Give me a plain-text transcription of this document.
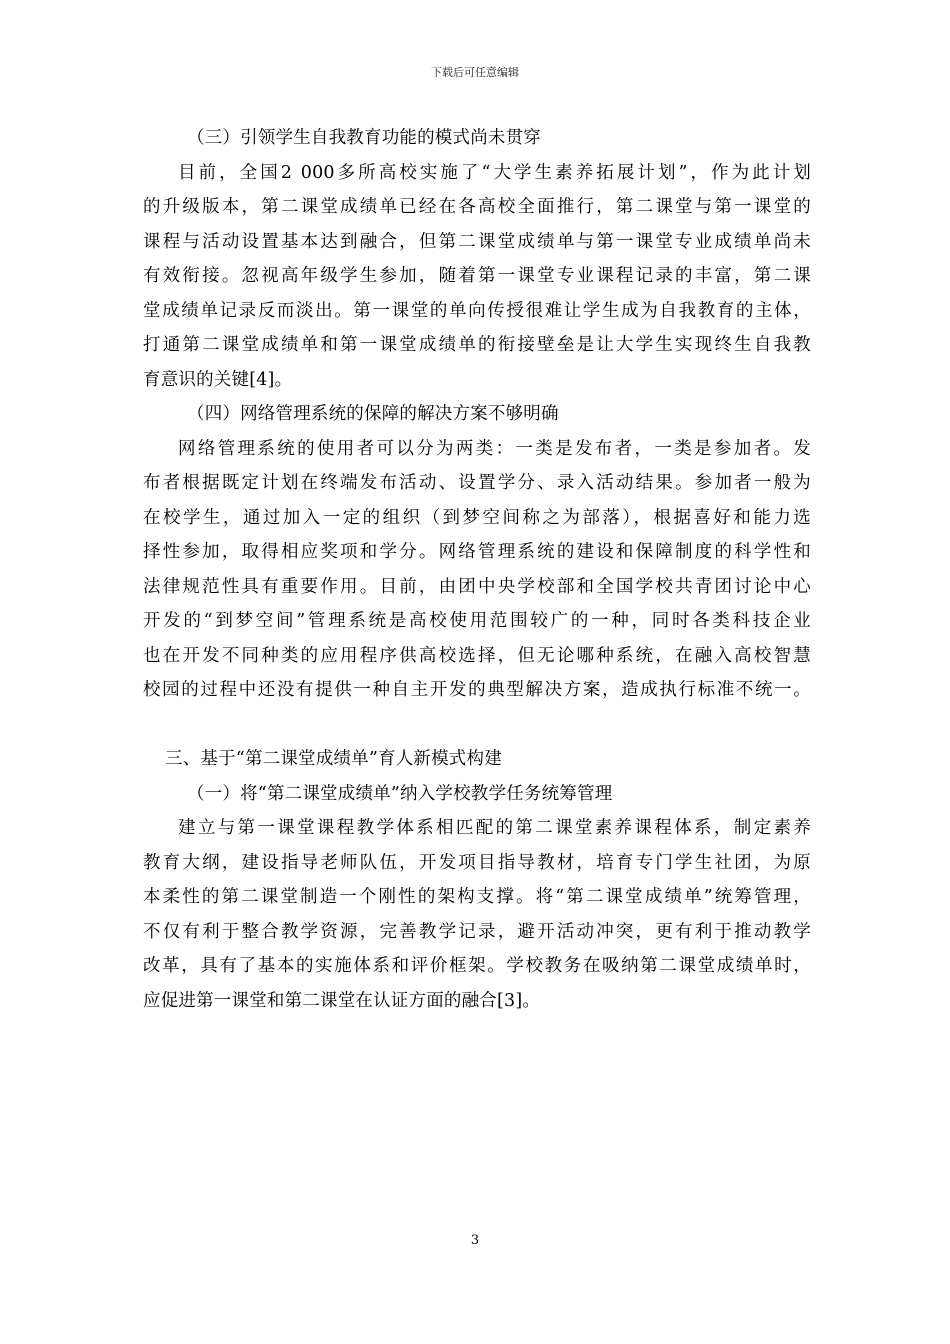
下载后可任意编辑
（三）引领学生自我教育功能的模式尚未贯穿
目前，全国2 000多所高校实施了“大学生素养拓展计划”，作为此计划
的升级版本，第二课堂成绩单已经在各高校全面推行，第二课堂与第一课堂的
课程与活动设置基本达到融合，但第二课堂成绩单与第一课堂专业成绩单尚未
有效衔接。忽视高年级学生参加，随着第一课堂专业课程记录的丰富，第二课
堂成绩单记录反而淡出。第一课堂的单向传授很难让学生成为自我教育的主体，
打通第二课堂成绩单和第一课堂成绩单的衔接壁垒是让大学生实现终生自我教
育意识的关键[4]。
（四）网络管理系统的保障的解决方案不够明确
网络管理系统的使用者可以分为两类：一类是发布者，一类是参加者。发
布者根据既定计划在终端发布活动、设置学分、录入活动结果。参加者一般为
在校学生，通过加入一定的组织（到梦空间称之为部落），根据喜好和能力选
择性参加，取得相应奖项和学分。网络管理系统的建设和保障制度的科学性和
法律规范性具有重要作用。目前，由团中央学校部和全国学校共青团讨论中心
开发的“到梦空间”管理系统是高校使用范围较广的一种，同时各类科技企业
也在开发不同种类的应用程序供高校选择，但无论哪种系统，在融入高校智慧
校园的过程中还没有提供一种自主开发的典型解决方案，造成执行标准不统一。
三、基于“第二课堂成绩单”育人新模式构建
（一）将“第二课堂成绩单”纳入学校教学任务统筹管理
建立与第一课堂课程教学体系相匹配的第二课堂素养课程体系，制定素养
教育大纲，建设指导老师队伍，开发项目指导教材，培育专门学生社团，为原
本柔性的第二课堂制造一个刚性的架构支撑。将“第二课堂成绩单”统筹管理，
不仅有利于整合教学资源，完善教学记录，避开活动冲突，更有利于推动教学
改革，具有了基本的实施体系和评价框架。学校教务在吸纳第二课堂成绩单时，
应促进第一课堂和第二课堂在认证方面的融合[3]。
3
